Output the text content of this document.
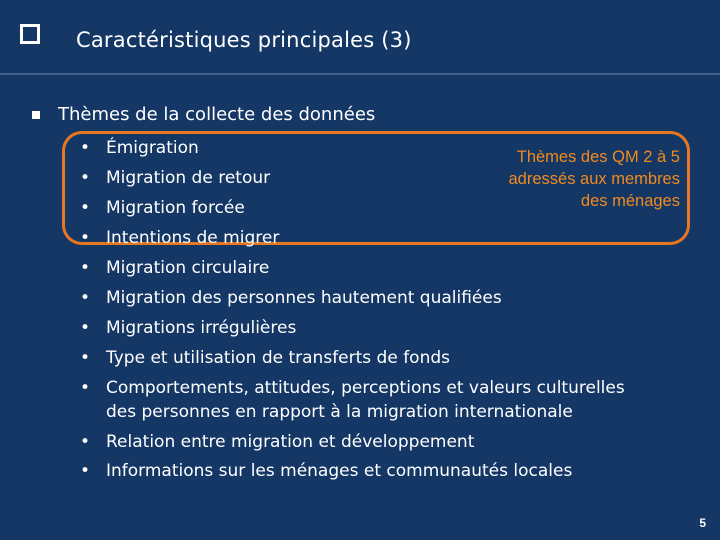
Caractéristiques principales (3)
Thèmes de la collecte des données
Thèmes des QM 2 à 5
adressés aux membres
des ménages
• Émigration
• Migration de retour
• Migration forcée
• Intentions de migrer
• Migration circulaire
• Migration des personnes hautement qualifiées
• Migrations irrégulières
• Type et utilisation de transferts de fonds
• Comportements, attitudes, perceptions et valeurs culturelles
des personnes en rapport à la migration internationale
• Relation entre migration et développement
• Informations sur les ménages et communautés locales
5
